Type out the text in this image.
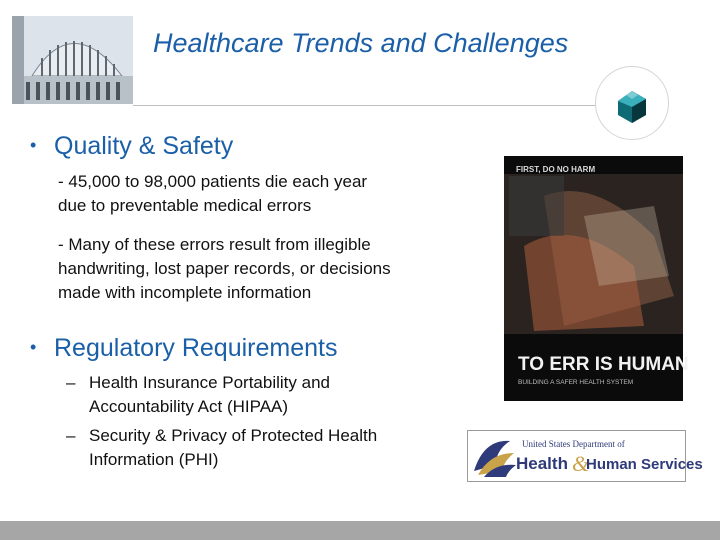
Healthcare Trends and Challenges
• Quality & Safety
- 45,000 to 98,000 patients die each year
due to preventable medical errors
- Many of these errors result from illegible
handwriting, lost paper records, or decisions
made with incomplete information
• Regulatory Requirements
– Health Insurance Portability and
Accountability Act (HIPAA)
– Security & Privacy of Protected Health
Information (PHI)
FIRST, DO NO HARM
TO ERR IS HUMAN
BUILDING A SAFER HEALTH SYSTEM
United States Department of
Health &
Human Services
